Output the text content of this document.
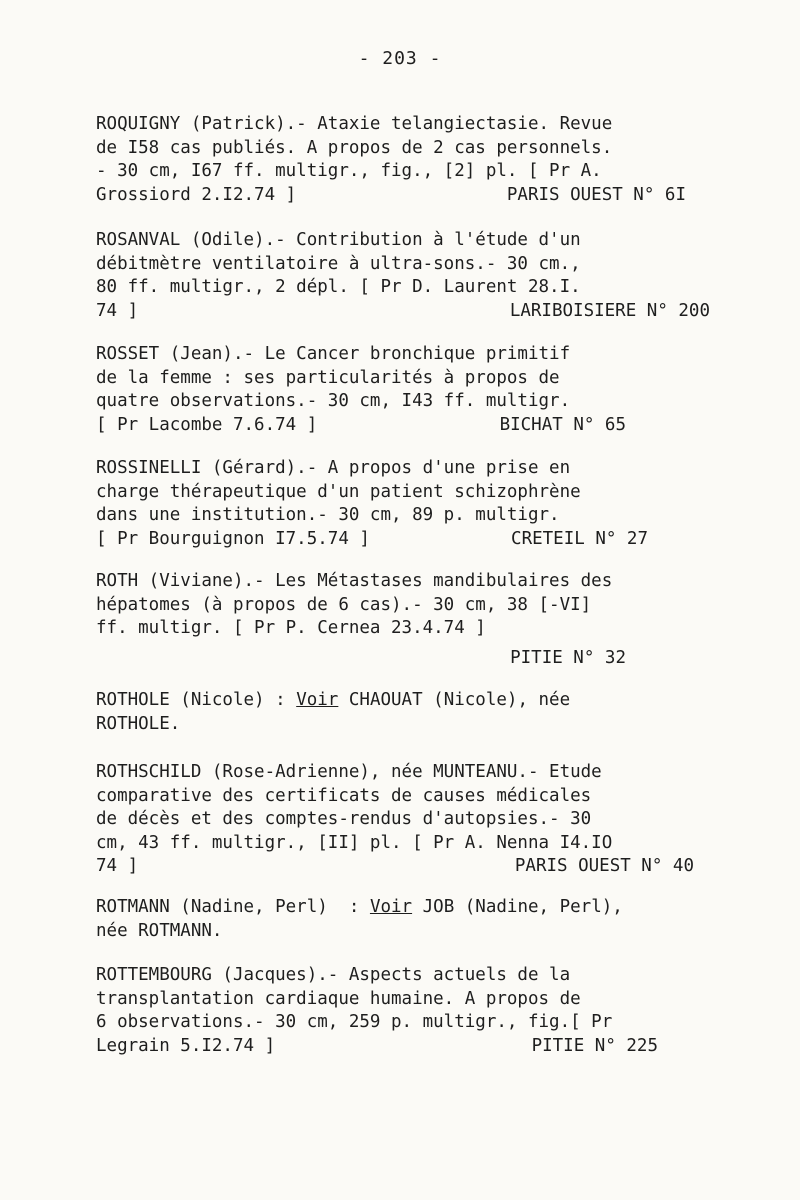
- 203 -
ROQUIGNY (Patrick).- Ataxie telangiectasie. Revue
de I58 cas publiés. A propos de 2 cas personnels.
- 30 cm, I67 ff. multigr., fig., [2] pl. [ Pr A.
Grossiord 2.I2.74 ]	PARIS OUEST N° 6I
ROSANVAL (Odile).- Contribution à l'étude d'un
débitmètre ventilatoire à ultra-sons.- 30 cm.,
80 ff. multigr., 2 dépl. [ Pr D. Laurent 28.I.
74 ]	LARIBOISIERE N° 200
ROSSET (Jean).- Le Cancer bronchique primitif
de la femme : ses particularités à propos de
quatre observations.- 30 cm, I43 ff. multigr.
[ Pr Lacombe 7.6.74 ]	BICHAT N° 65
ROSSINELLI (Gérard).- A propos d'une prise en
charge thérapeutique d'un patient schizophrène
dans une institution.- 30 cm, 89 p. multigr.
[ Pr Bourguignon I7.5.74 ]	CRETEIL N° 27
ROTH (Viviane).- Les Métastases mandibulaires des
hépatomes (à propos de 6 cas).- 30 cm, 38 [-VI]
ff. multigr. [ Pr P. Cernea 23.4.74 ]
PITIE N° 32
ROTHOLE (Nicole) : Voir CHAOUAT (Nicole), née
ROTHOLE.
ROTHSCHILD (Rose-Adrienne), née MUNTEANU.- Etude
comparative des certificats de causes médicales
de décès et des comptes-rendus d'autopsies.- 30
cm, 43 ff. multigr., [II] pl. [ Pr A. Nenna I4.IO
74 ]	PARIS OUEST N° 40
ROTMANN (Nadine, Perl)  : Voir JOB (Nadine, Perl),
née ROTMANN.
ROTTEMBOURG (Jacques).- Aspects actuels de la
transplantation cardiaque humaine. A propos de
6 observations.- 30 cm, 259 p. multigr., fig.[ Pr
Legrain 5.I2.74 ]	PITIE N° 225
